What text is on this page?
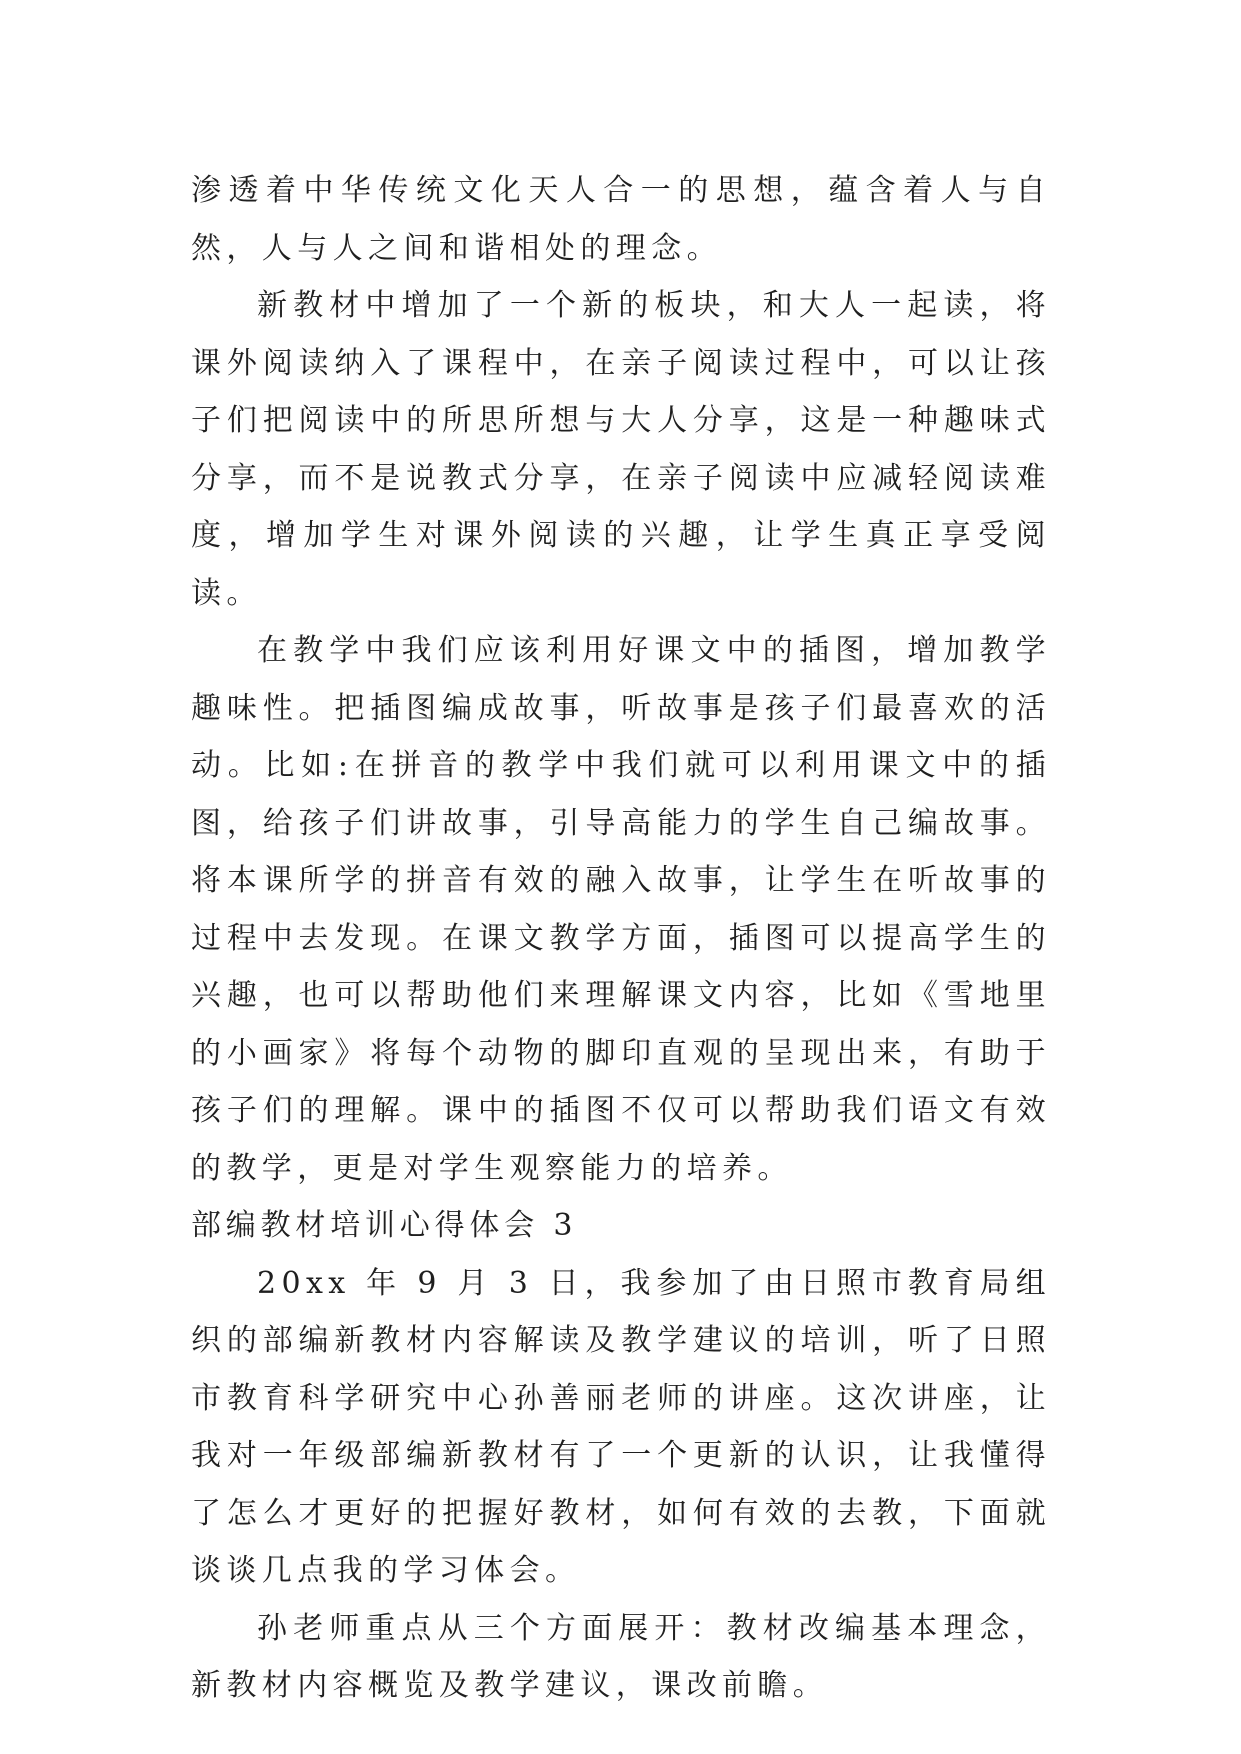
渗透着中华传统文化天人合一的思想，蕴含着人与自然，人与人之间和谐相处的理念。

新教材中增加了一个新的板块，和大人一起读，将课外阅读纳入了课程中，在亲子阅读过程中，可以让孩子们把阅读中的所思所想与大人分享，这是一种趣味式分享，而不是说教式分享，在亲子阅读中应减轻阅读难度，增加学生对课外阅读的兴趣，让学生真正享受阅读。

在教学中我们应该利用好课文中的插图，增加教学趣味性。把插图编成故事，听故事是孩子们最喜欢的活动。比如:在拼音的教学中我们就可以利用课文中的插图，给孩子们讲故事，引导高能力的学生自己编故事。将本课所学的拼音有效的融入故事，让学生在听故事的过程中去发现。在课文教学方面，插图可以提高学生的兴趣，也可以帮助他们来理解课文内容，比如《雪地里的小画家》将每个动物的脚印直观的呈现出来，有助于孩子们的理解。课中的插图不仅可以帮助我们语文有效的教学，更是对学生观察能力的培养。

部编教材培训心得体会 3

20xx 年 9 月 3 日，我参加了由日照市教育局组织的部编新教材内容解读及教学建议的培训，听了日照市教育科学研究中心孙善丽老师的讲座。这次讲座，让我对一年级部编新教材有了一个更新的认识，让我懂得了怎么才更好的把握好教材，如何有效的去教，下面就谈谈几点我的学习体会。

孙老师重点从三个方面展开：教材改编基本理念，新教材内容概览及教学建议，课改前瞻。
